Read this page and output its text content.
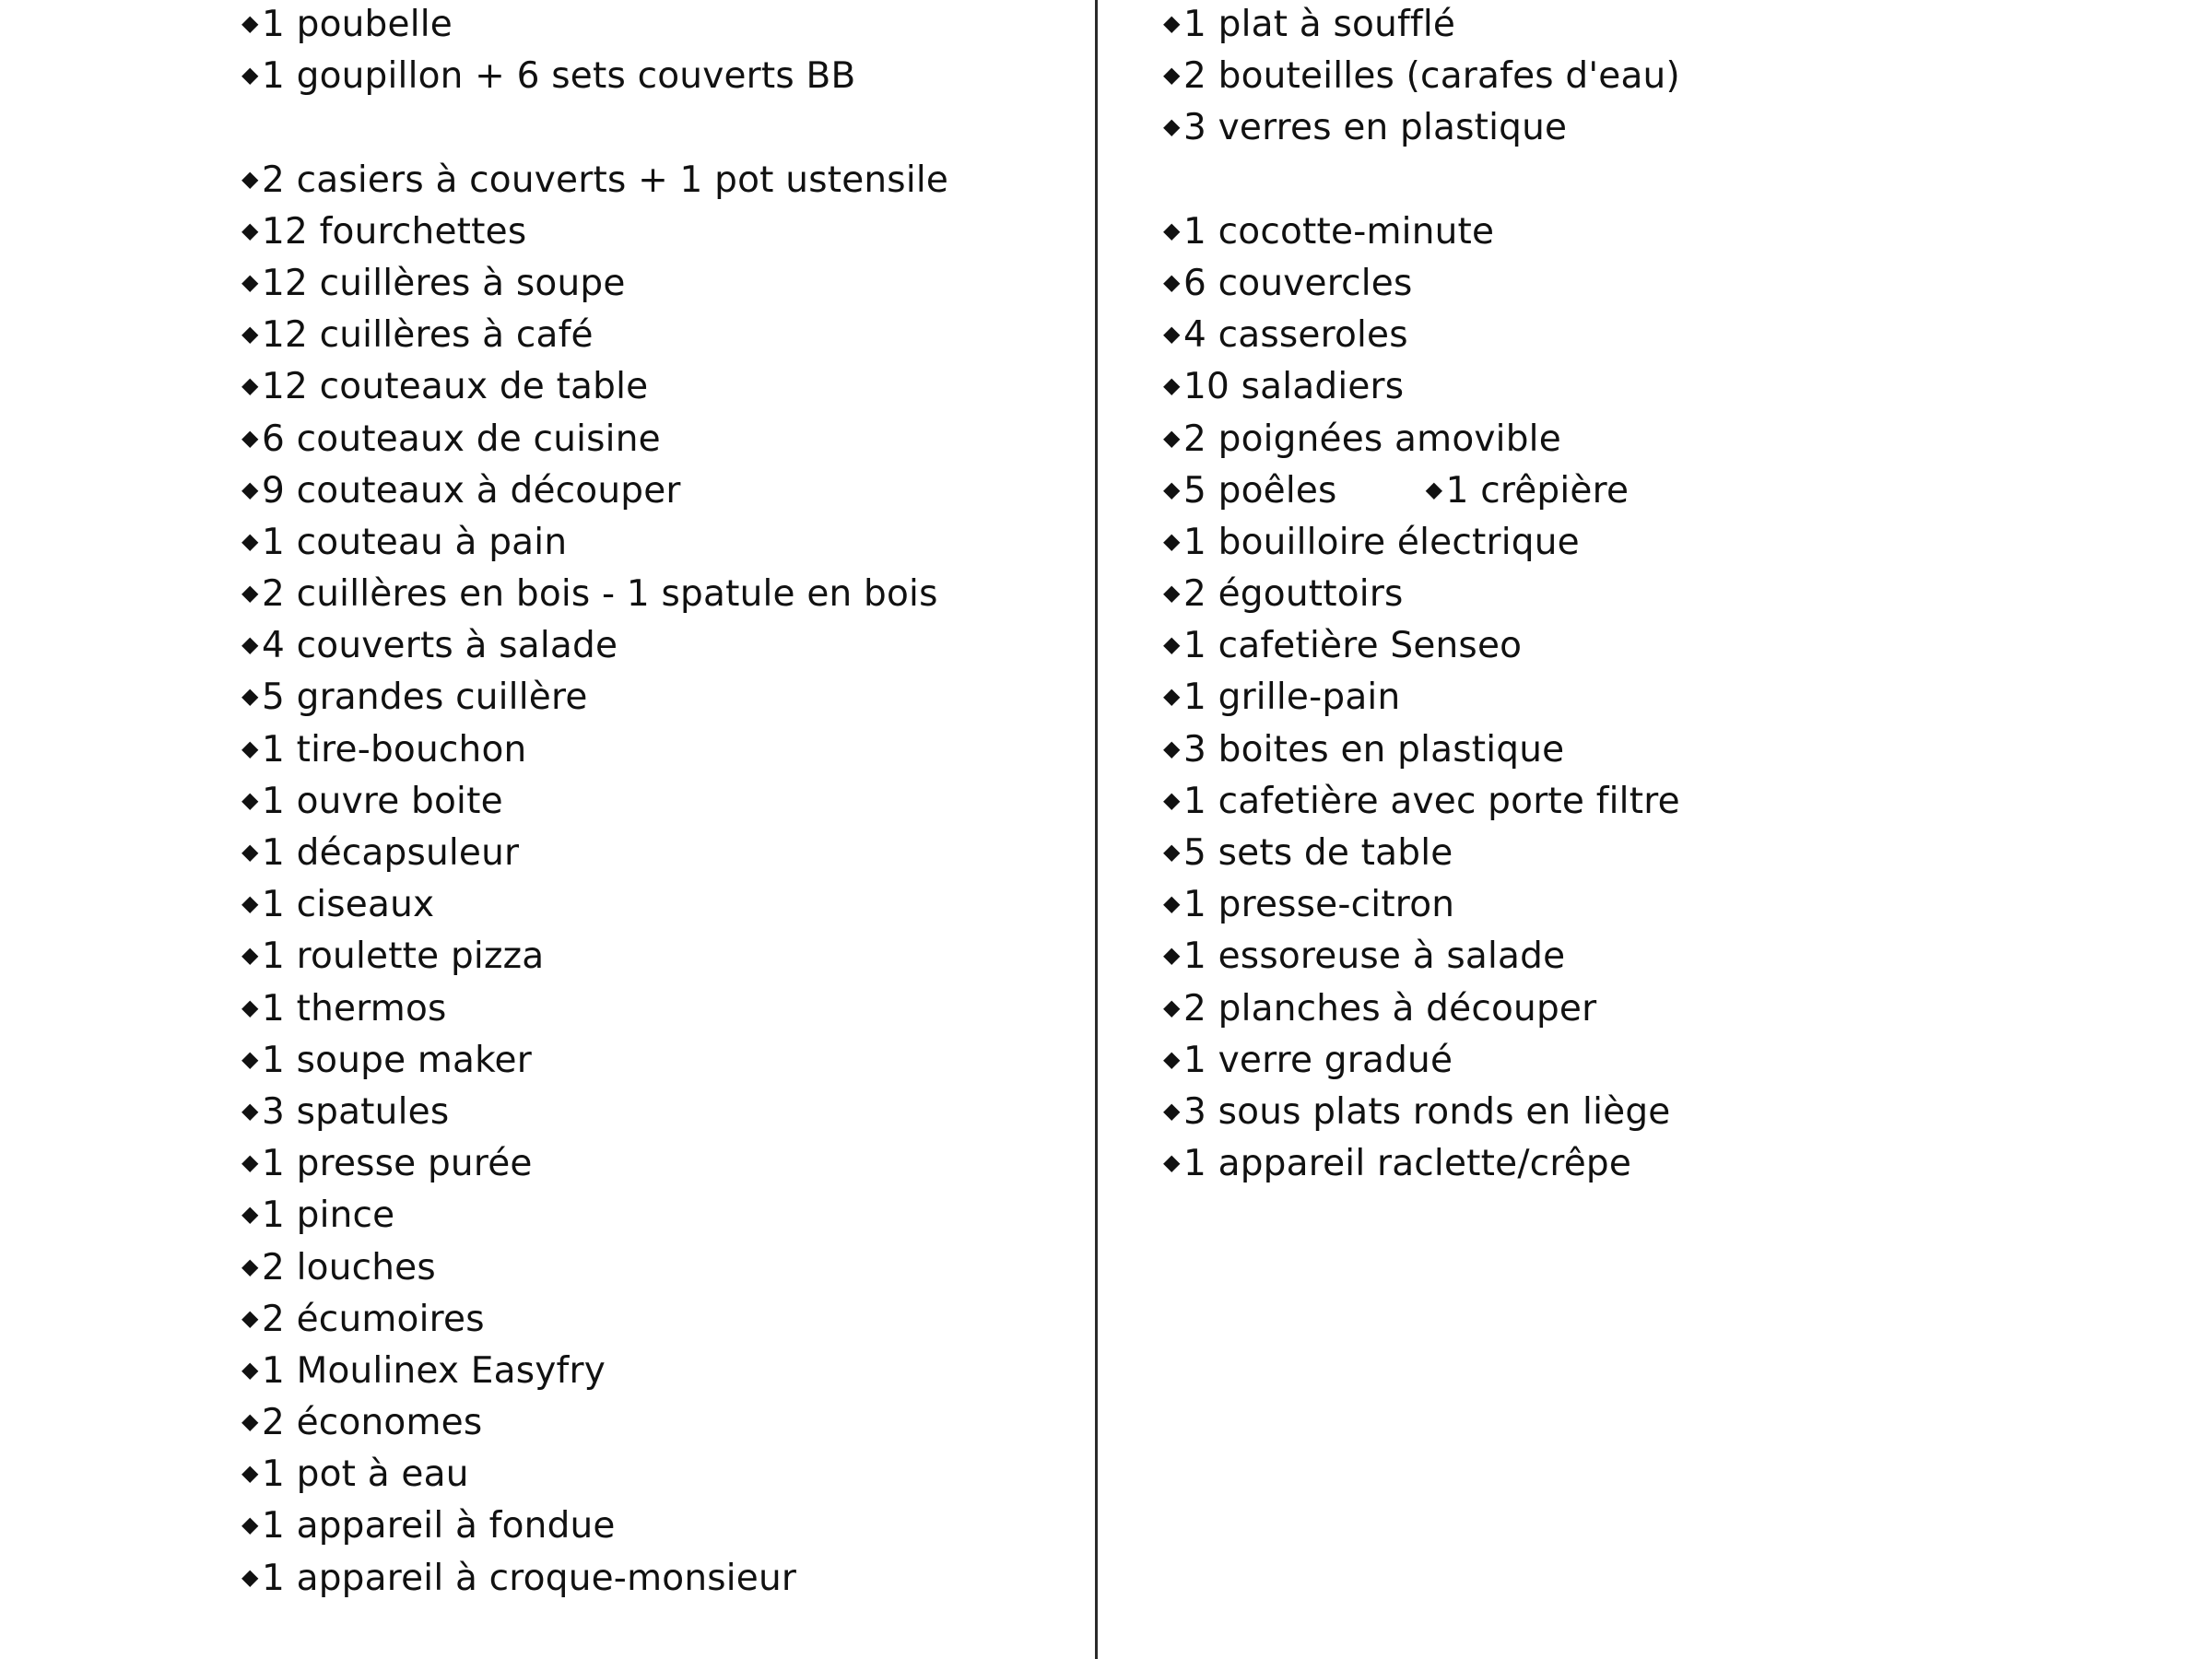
◆1 poubelle
◆1 goupillon + 6 sets couverts BB
◆2 casiers à couverts + 1 pot ustensile
◆12 fourchettes
◆12 cuillères à soupe
◆12 cuillères à café
◆12 couteaux de table
◆6 couteaux de cuisine
◆9 couteaux à découper
◆1 couteau à pain
◆2 cuillères en bois - 1 spatule en bois
◆4 couverts à salade
◆5 grandes cuillère
◆1 tire-bouchon
◆1 ouvre boite
◆1 décapsuleur
◆1 ciseaux
◆1 roulette pizza
◆1 thermos
◆1 soupe maker
◆3 spatules
◆1 presse purée
◆1 pince
◆2 louches
◆2 écumoires
◆1 Moulinex Easyfry
◆2 économes
◆1 pot à eau
◆1 appareil à fondue
◆1 appareil à croque-monsieur
◆1 plat à soufflé
◆2 bouteilles (carafes d'eau)
◆3 verres en plastique
◆1 cocotte-minute
◆6 couvercles
◆4 casseroles
◆10 saladiers
◆2 poignées amovible
◆5 poêles	◆1 crêpière
◆1 bouilloire électrique
◆2 égouttoirs
◆1 cafetière Senseo
◆1 grille-pain
◆3 boites en plastique
◆1 cafetière avec porte filtre
◆5 sets de table
◆1 presse-citron
◆1 essoreuse à salade
◆2 planches à découper
◆1 verre gradué
◆3 sous plats ronds en liège
◆1 appareil raclette/crêpe
